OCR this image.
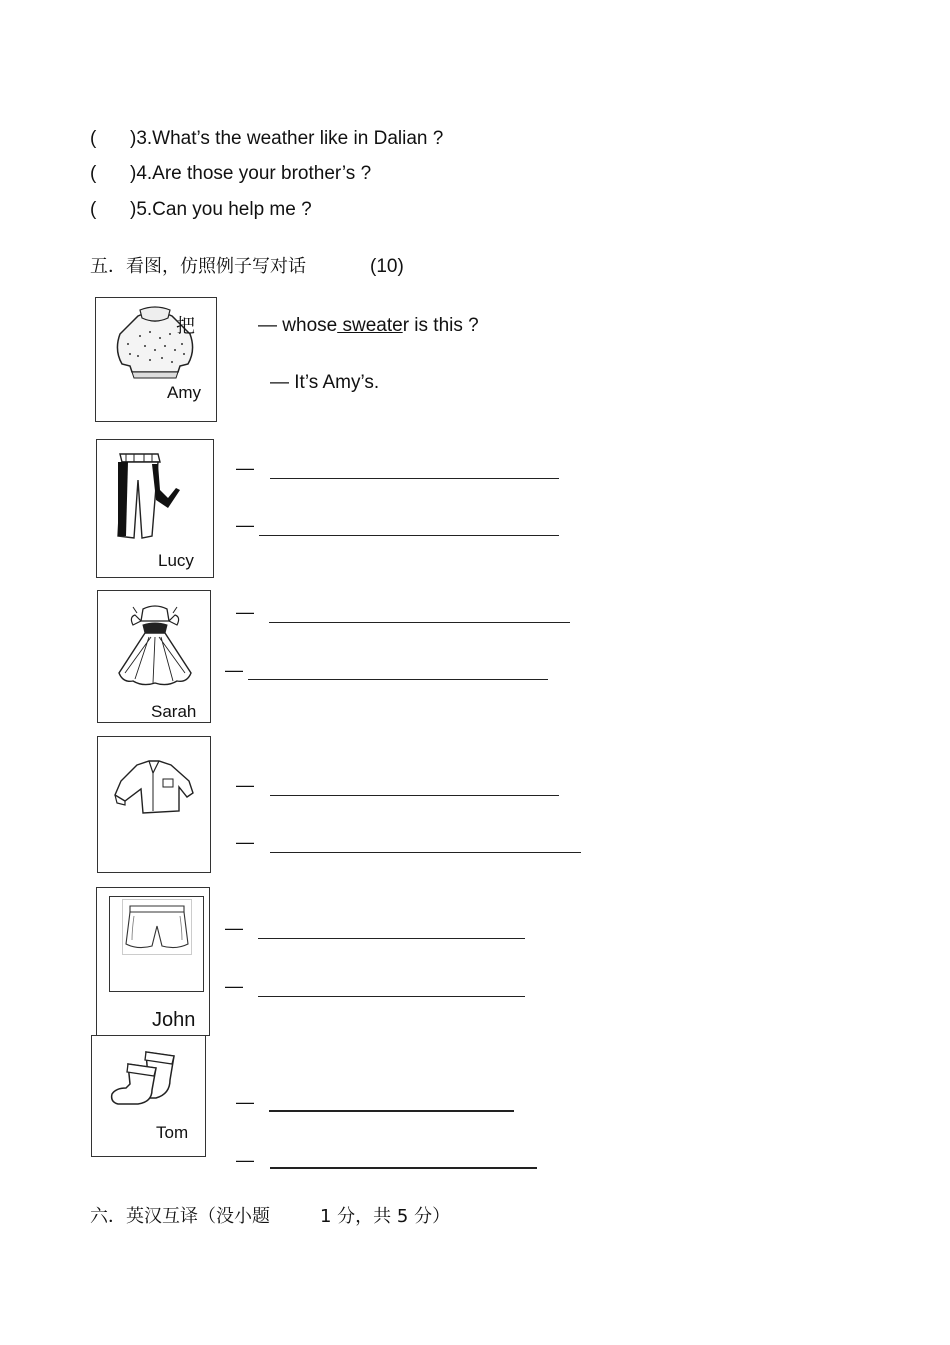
( )3.What’s the weather like in Dalian ?
( )4.Are those your brother’s ?
( )5.Can you help me ?
五．看图，仿照例子写对话	(10)
把
Amy
— whose sweater is this ?
— It’s Amy’s.
Lucy
—
—
Sarah
—
—
—
—
John
—
—
Tom
—
—
六．英汉互译（没小题	1 分，共 5 分）
